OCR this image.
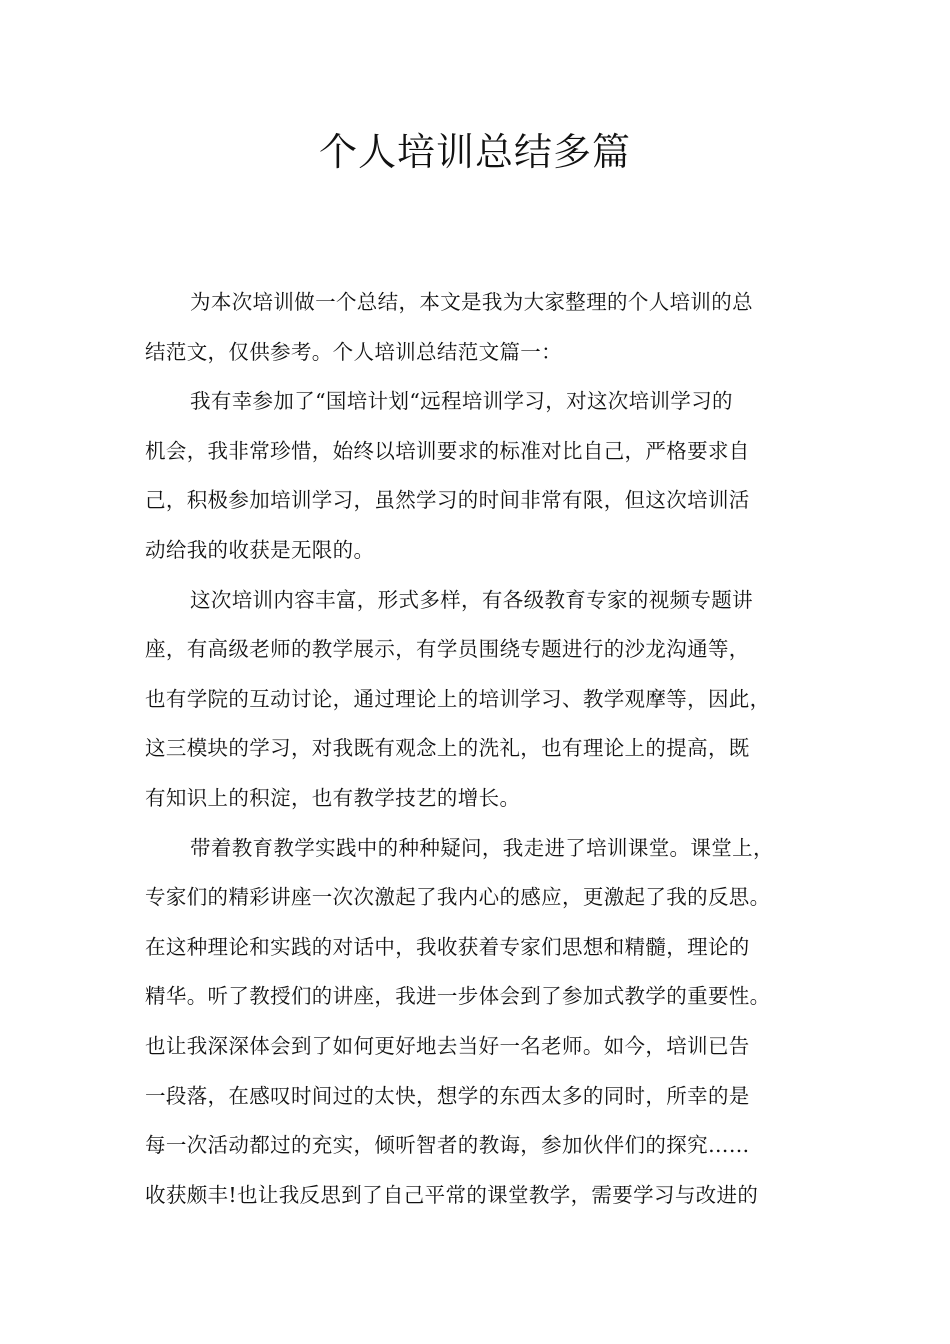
个人培训总结多篇
为本次培训做一个总结，本文是我为大家整理的个人培训的总
结范文，仅供参考。个人培训总结范文篇一：
我有幸参加了“国培计划“远程培训学习，对这次培训学习的
机会，我非常珍惜，始终以培训要求的标准对比自己，严格要求自
己，积极参加培训学习，虽然学习的时间非常有限，但这次培训活
动给我的收获是无限的。
这次培训内容丰富，形式多样，有各级教育专家的视频专题讲
座，有高级老师的教学展示，有学员围绕专题进行的沙龙沟通等，
也有学院的互动讨论，通过理论上的培训学习、教学观摩等，因此，
这三模块的学习，对我既有观念上的洗礼，也有理论上的提高，既
有知识上的积淀，也有教学技艺的增长。
带着教育教学实践中的种种疑问，我走进了培训课堂。课堂上，
专家们的精彩讲座一次次激起了我内心的感应，更激起了我的反思。
在这种理论和实践的对话中，我收获着专家们思想和精髓，理论的
精华。听了教授们的讲座，我进一步体会到了参加式教学的重要性。
也让我深深体会到了如何更好地去当好一名老师。如今，培训已告
一段落，在感叹时间过的太快，想学的东西太多的同时，所幸的是
每一次活动都过的充实，倾听智者的教诲，参加伙伴们的探究……
收获颇丰!也让我反思到了自己平常的课堂教学，需要学习与改进的
